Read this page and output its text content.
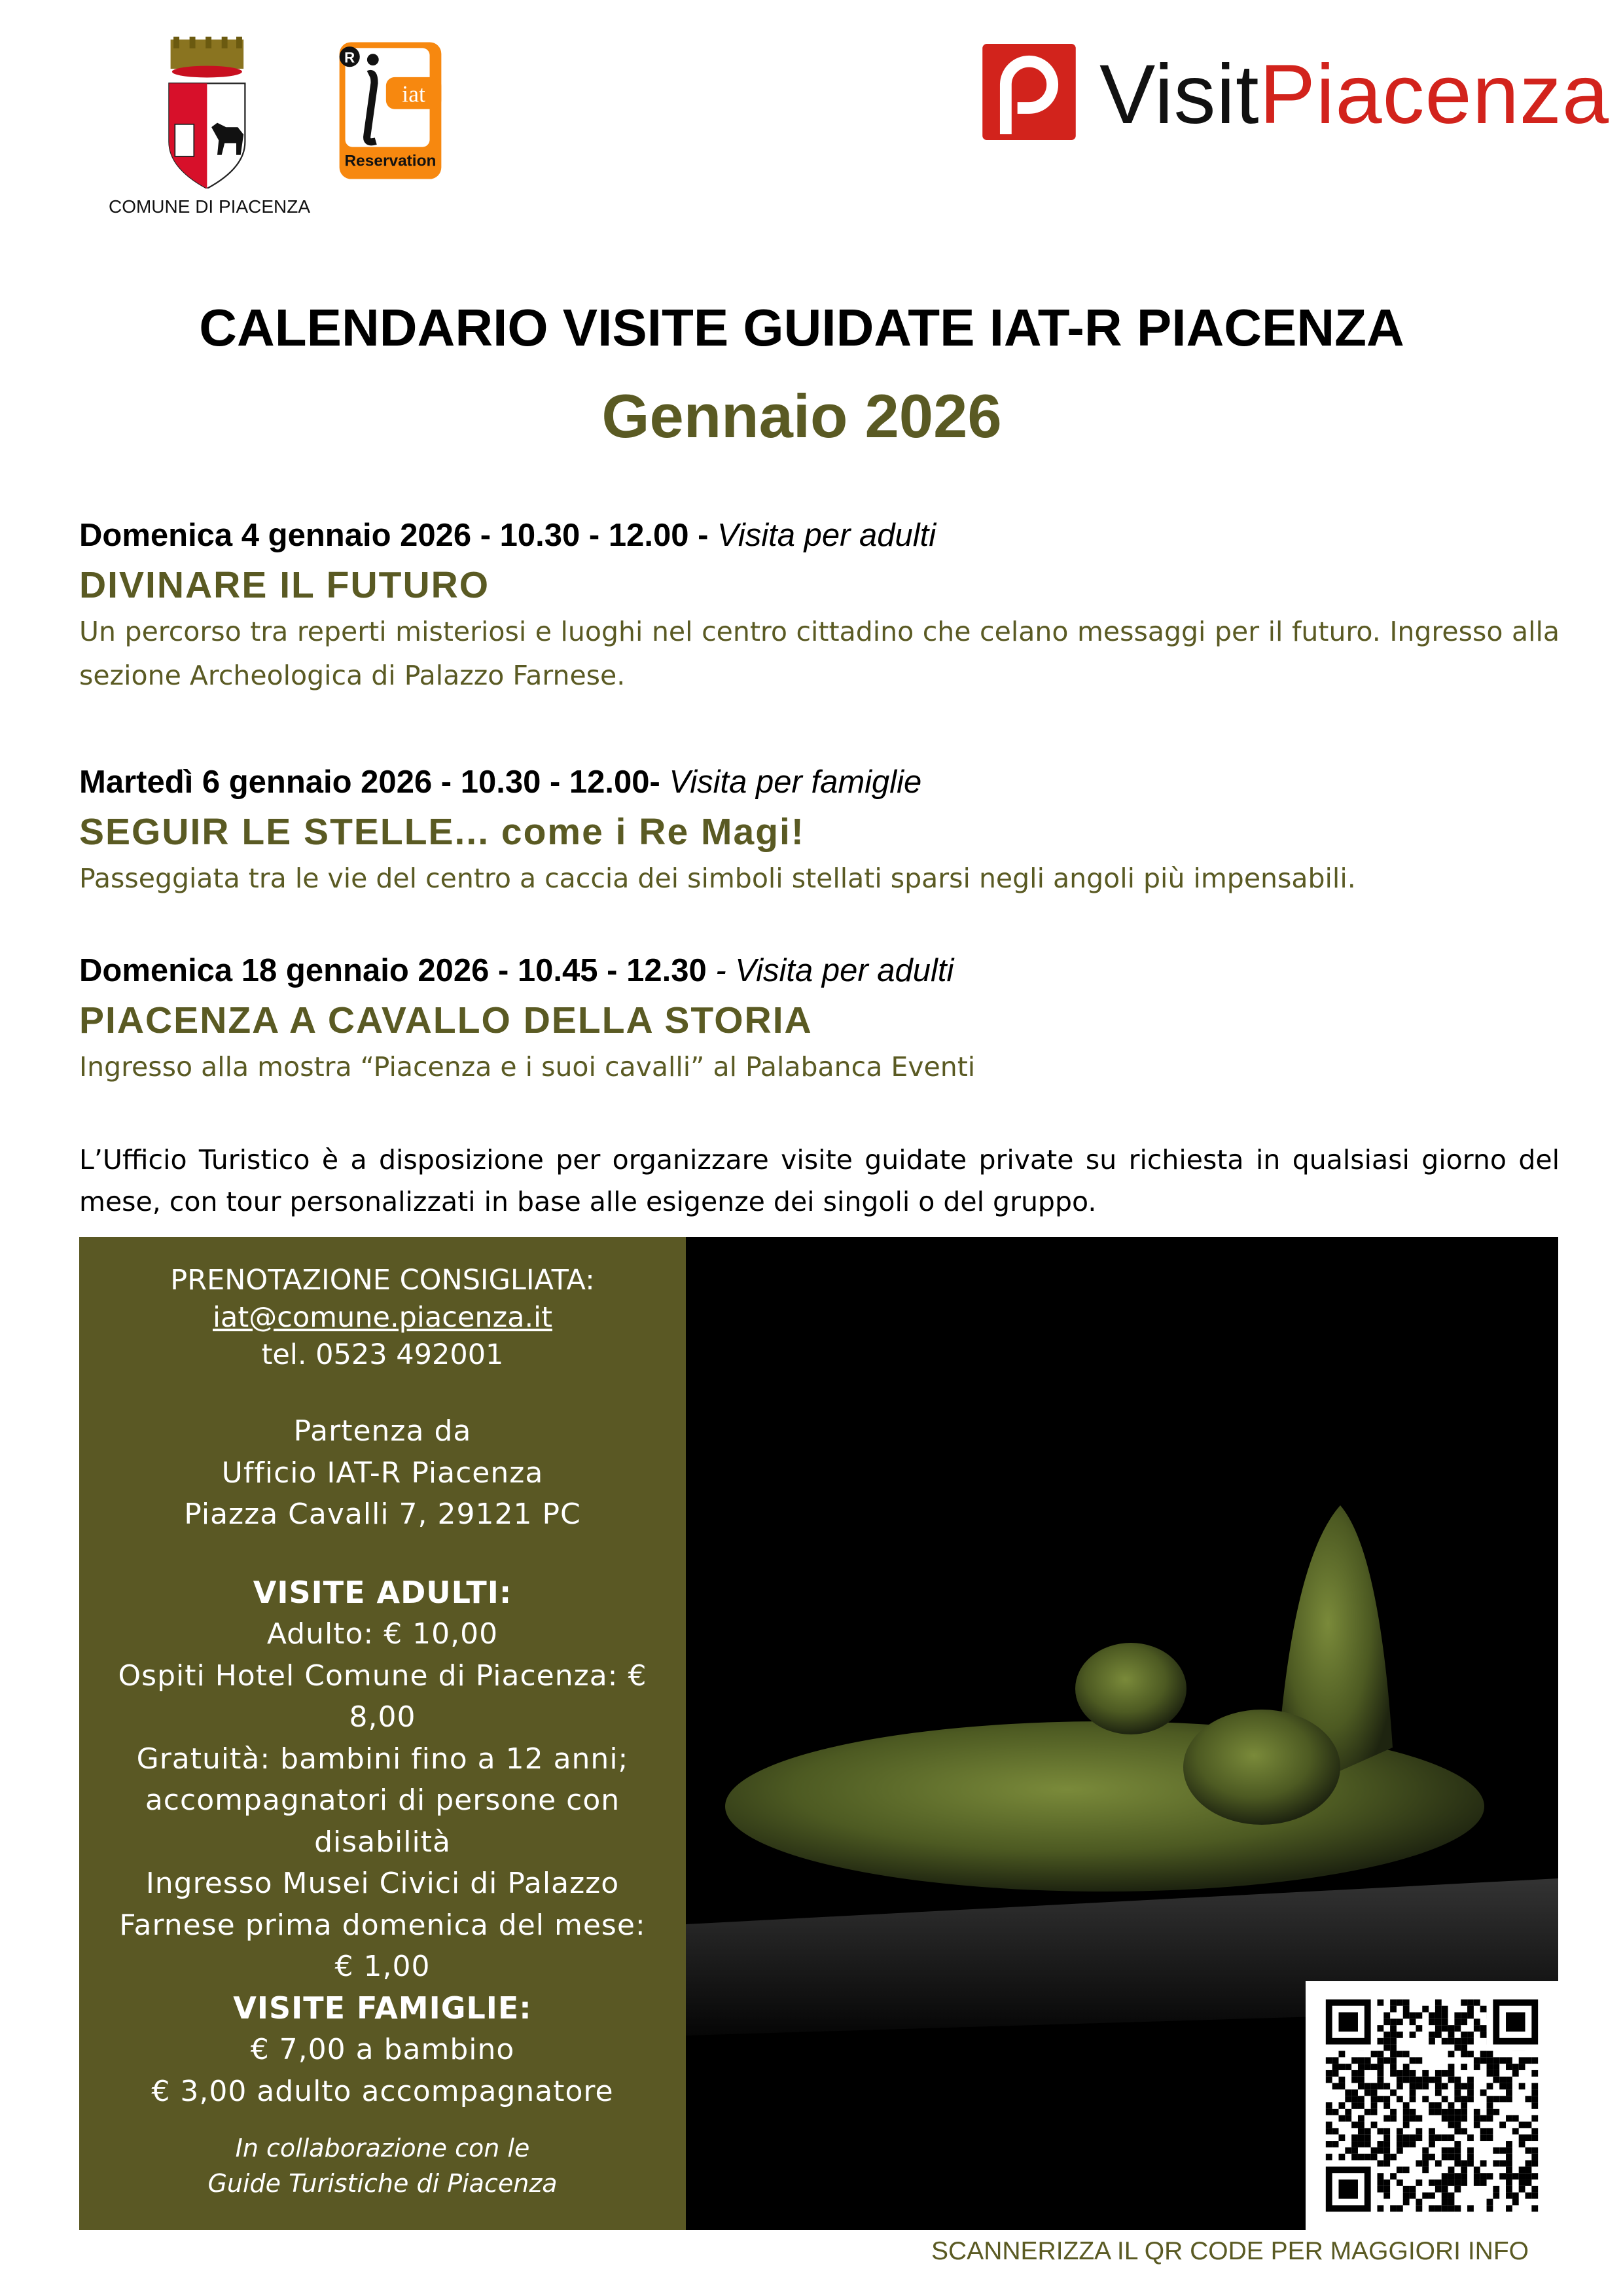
COMUNE DI PIACENZA
R
iat
Reservation
VisitPiacenza
CALENDARIO VISITE GUIDATE IAT-R PIACENZA
Gennaio 2026
Domenica 4 gennaio 2026 - 10.30 - 12.00 - Visita per adulti
DIVINARE IL FUTURO
Un percorso tra reperti misteriosi e luoghi nel centro cittadino che celano messaggi per il futuro. Ingresso alla sezione Archeologica di Palazzo Farnese.
Martedì 6 gennaio 2026 - 10.30 - 12.00- Visita per famiglie
SEGUIR LE STELLE... come i Re Magi!
Passeggiata tra le vie del centro a caccia dei simboli stellati sparsi negli angoli più impensabili.
Domenica 18 gennaio 2026 - 10.45 - 12.30 - Visita per adulti
PIACENZA A CAVALLO DELLA STORIA
Ingresso alla mostra “Piacenza e i suoi cavalli” al Palabanca Eventi
L’Ufficio Turistico è a disposizione per organizzare visite guidate private su richiesta in qualsiasi giorno del mese, con tour personalizzati in base alle esigenze dei singoli o del gruppo.
PRENOTAZIONE CONSIGLIATA:
iat@comune.piacenza.it
tel. 0523 492001
Partenza da
Ufficio IAT-R Piacenza
Piazza Cavalli 7, 29121 PC
VISITE ADULTI:
Adulto: € 10,00
Ospiti Hotel Comune di Piacenza: €
8,00
Gratuità: bambini fino a 12 anni;
accompagnatori di persone con
disabilità
Ingresso Musei Civici di Palazzo
Farnese prima domenica del mese:
€ 1,00
VISITE FAMIGLIE:
€ 7,00 a bambino
€ 3,00 adulto accompagnatore
In collaborazione con le
Guide Turistiche di Piacenza
SCANNERIZZA IL QR CODE PER MAGGIORI INFO
